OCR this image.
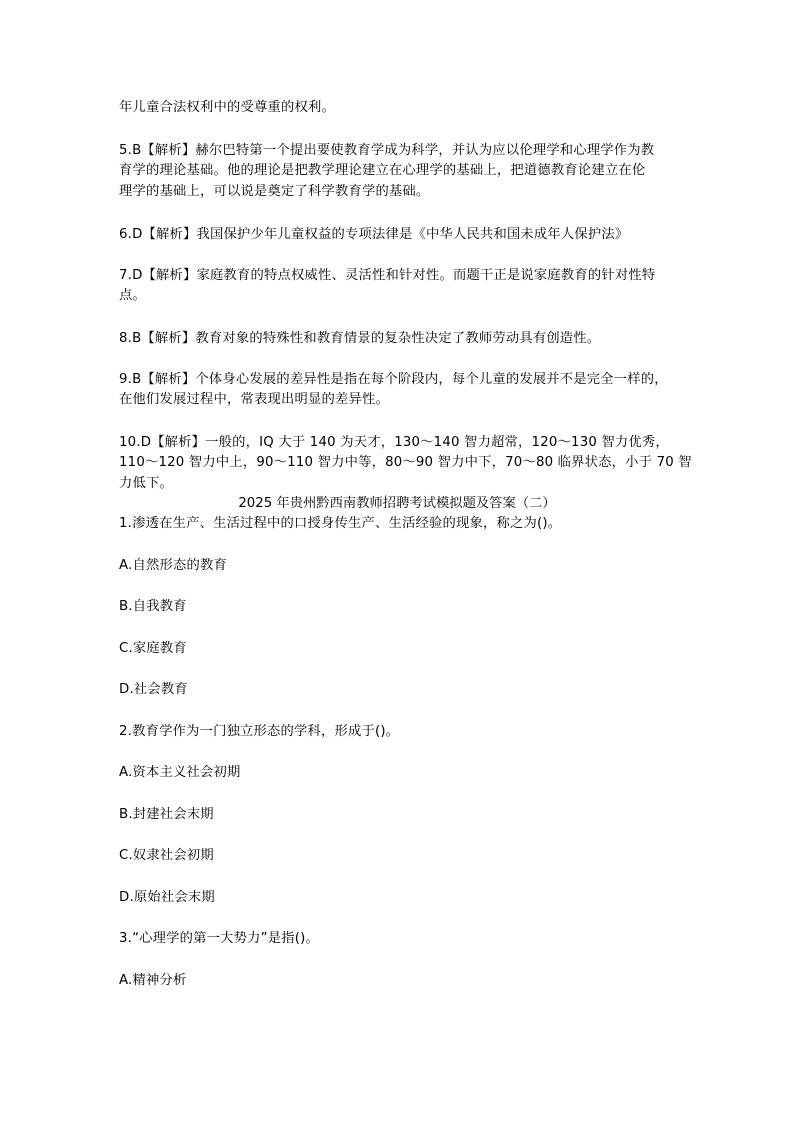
年儿童合法权利中的受尊重的权利。
5.B【解析】赫尔巴特第一个提出要使教育学成为科学，并认为应以伦理学和心理学作为教
育学的理论基础。他的理论是把教学理论建立在心理学的基础上，把道德教育论建立在伦
理学的基础上，可以说是奠定了科学教育学的基础。
6.D【解析】我国保护少年儿童权益的专项法律是《中华人民共和国未成年人保护法》
7.D【解析】家庭教育的特点权威性、灵活性和针对性。而题干正是说家庭教育的针对性特
点。
8.B【解析】教育对象的特殊性和教育情景的复杂性决定了教师劳动具有创造性。
9.B【解析】个体身心发展的差异性是指在每个阶段内，每个儿童的发展并不是完全一样的，
在他们发展过程中，常表现出明显的差异性。
10.D【解析】一般的，IQ 大于 140 为天才，130～140 智力超常，120～130 智力优秀，
110～120 智力中上，90～110 智力中等，80～90 智力中下，70～80 临界状态，小于 70 智
力低下。
2025 年贵州黔西南教师招聘考试模拟题及答案（二）
1.渗透在生产、生活过程中的口授身传生产、生活经验的现象，称之为()。
A.自然形态的教育
B.自我教育
C.家庭教育
D.社会教育
2.教育学作为一门独立形态的学科，形成于()。
A.资本主义社会初期
B.封建社会末期
C.奴隶社会初期
D.原始社会末期
3.“心理学的第一大势力”是指()。
A.精神分析
